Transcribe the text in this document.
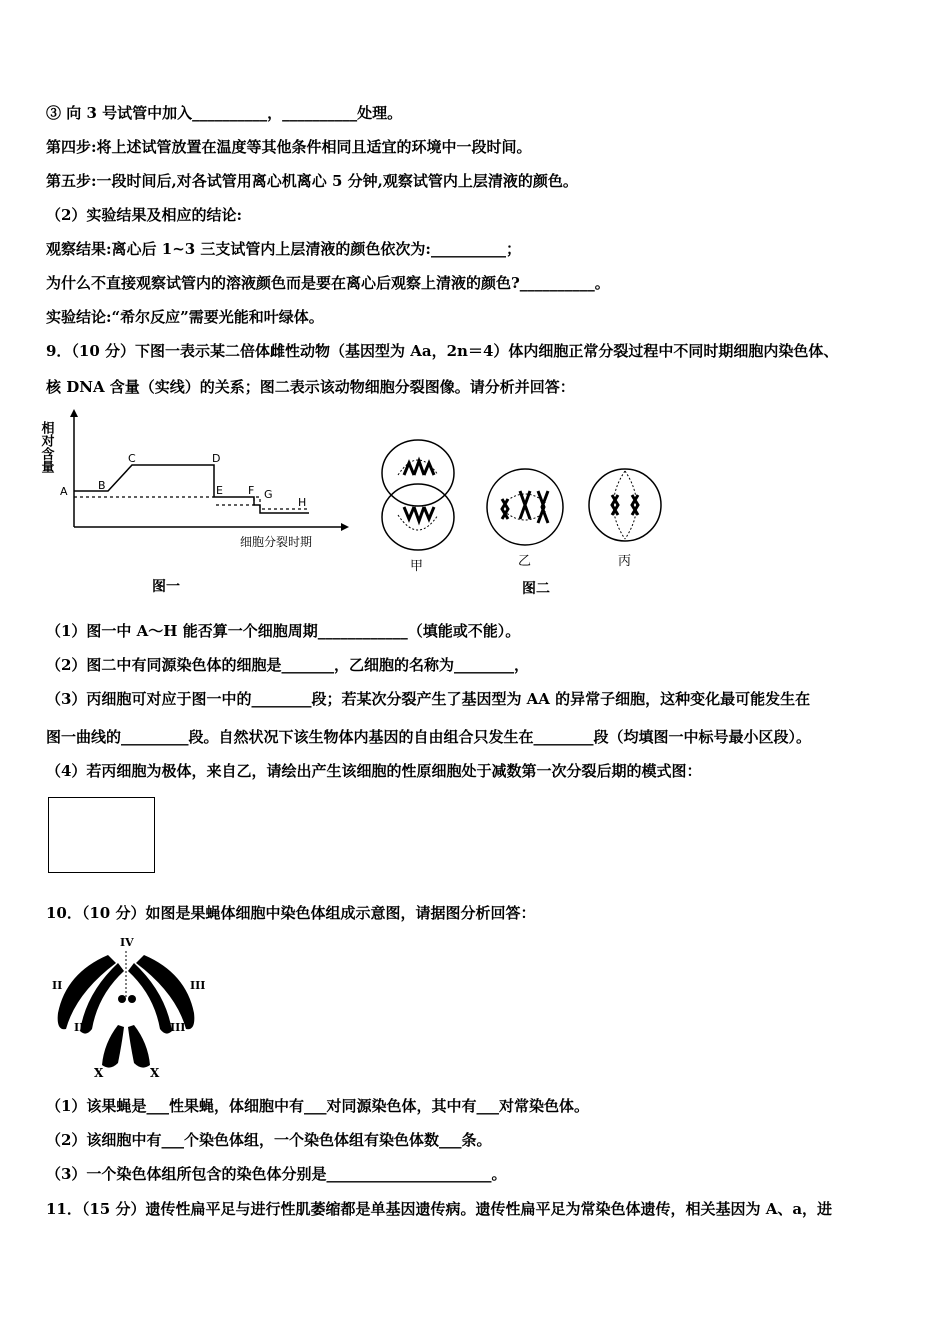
③ 向 3 号试管中加入__________，__________处理。
第四步:将上述试管放置在温度等其他条件相同且适宜的环境中一段时间。
第五步:一段时间后,对各试管用离心机离心 5 分钟,观察试管内上层清液的颜色。
（2）实验结果及相应的结论:
观察结果:离心后 1~3 三支试管内上层清液的颜色依次为:__________；
为什么不直接观察试管内的溶液颜色而是要在离心后观察上清液的颜色?__________。
实验结论:“希尔反应”需要光能和叶绿体。
9．（10 分）下图一表示某二倍体雌性动物（基因型为 Aa，2n＝4）体内细胞正常分裂过程中不同时期细胞内染色体、
核 DNA 含量（实线）的关系；图二表示该动物细胞分裂图像。请分析并回答：
相对含量
A	B
C	D
E F G
H
细胞分裂时期
图一
甲	乙	丙
图二
（1）图一中 A～H 能否算一个细胞周期____________（填能或不能）。
（2）图二中有同源染色体的细胞是_______，乙细胞的名称为________，
（3）丙细胞可对应于图一中的________段；若某次分裂产生了基因型为 AA 的异常子细胞，这种变化最可能发生在
图一曲线的_________段。自然状况下该生物体内基因的自由组合只发生在________段（均填图一中标号最小区段）。
（4）若丙细胞为极体，来自乙，请绘出产生该细胞的性原细胞处于减数第一次分裂后期的模式图：
10．（10 分）如图是果蝇体细胞中染色体组成示意图，请据图分析回答：
IV
II	III
II	III
X	X
（1）该果蝇是___性果蝇，体细胞中有___对同源染色体，其中有___对常染色体。
（2）该细胞中有___个染色体组，一个染色体组有染色体数___条。
（3）一个染色体组所包含的染色体分别是______________________。
11．（15 分）遗传性扁平足与进行性肌萎缩都是单基因遗传病。遗传性扁平足为常染色体遗传，相关基因为 A、a，进
